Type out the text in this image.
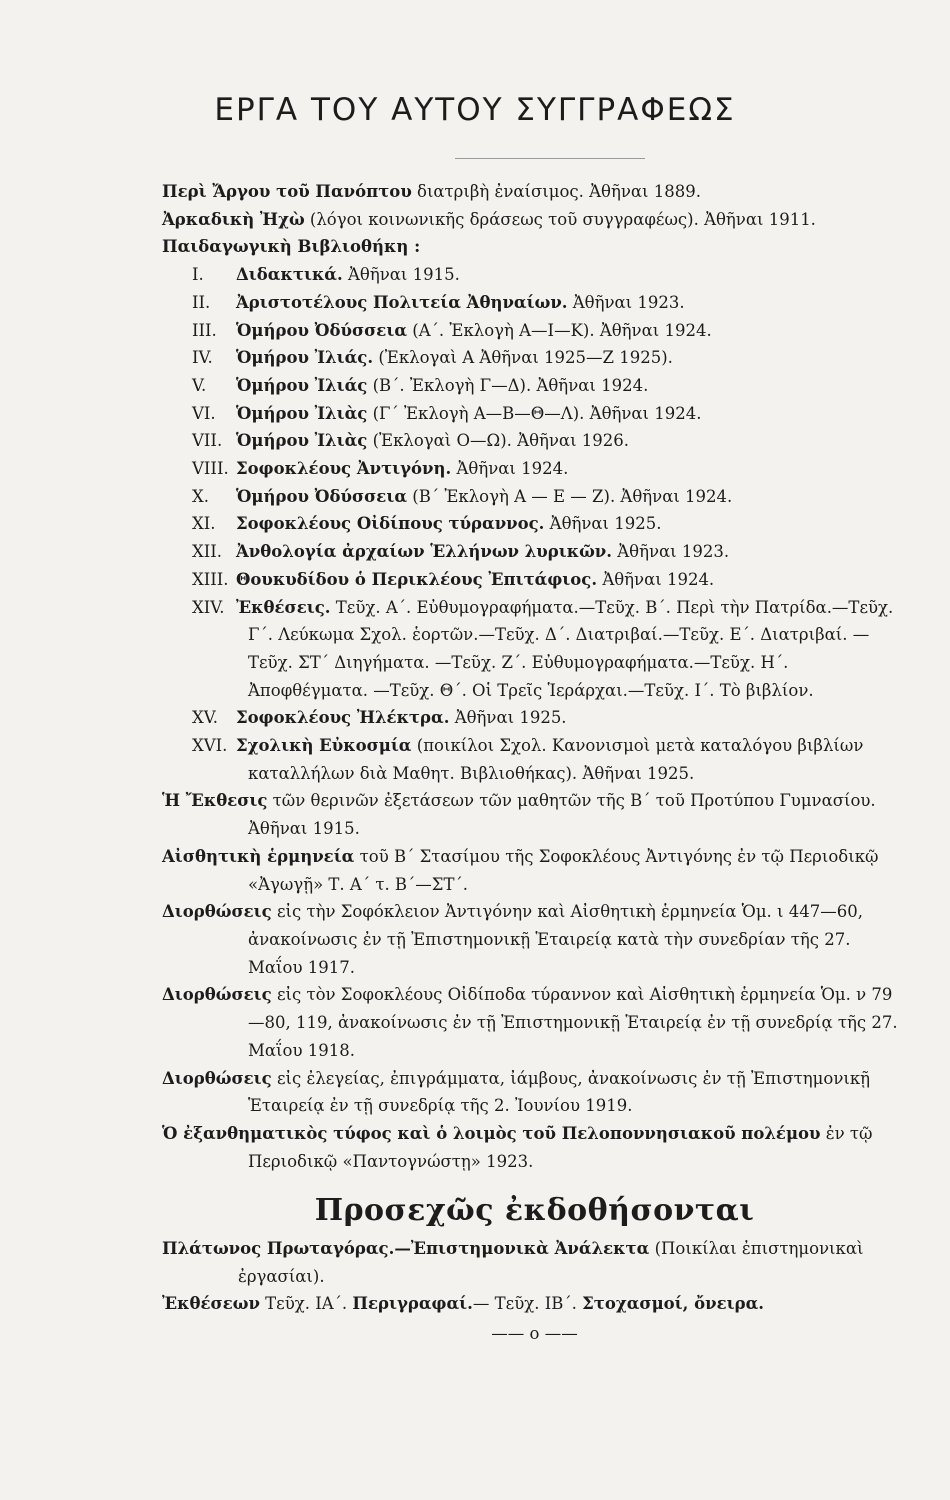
ΕΡΓΑ ΤΟΥ ΑΥΤΟΥ ΣΥΓΓΡΑΦΕΩΣ

Περὶ Ἄργου τοῦ Πανόπτου διατριβὴ ἐναίσιμος. Ἀθῆναι 1889.

Ἀρκαδικὴ Ἠχὼ (λόγοι κοινωνικῆς δράσεως τοῦ συγγραφέως). Ἀθῆναι 1911.

Παιδαγωγικὴ Βιβλιοθήκη :

I. Διδακτικά. Ἀθῆναι 1915.

II. Ἀριστοτέλους Πολιτεία Ἀθηναίων. Ἀθῆναι 1923.

III. Ὁμήρου Ὀδύσσεια (Α΄. Ἐκλογὴ Α—Ι—Κ). Ἀθῆναι 1924.

IV. Ὁμήρου Ἰλιάς. (Ἐκλογαὶ Α Ἀθῆναι 1925—Ζ 1925).

V. Ὁμήρου Ἰλιάς (Β΄. Ἐκλογὴ Γ—Δ). Ἀθῆναι 1924.

VI. Ὁμήρου Ἰλιὰς (Γ΄ Ἐκλογὴ Α—Β—Θ—Λ). Ἀθῆναι 1924.

VII. Ὁμήρου Ἰλιὰς (Ἐκλογαὶ Ο—Ω). Ἀθῆναι 1926.

VIII. Σοφοκλέους Ἀντιγόνη. Ἀθῆναι 1924.

X. Ὁμήρου Ὀδύσσεια (Β΄ Ἐκλογὴ Α — Ε — Ζ). Ἀθῆναι 1924.

XI. Σοφοκλέους Οἰδίπους τύραννος. Ἀθῆναι 1925.

XII. Ἀνθολογία ἀρχαίων Ἑλλήνων λυρικῶν. Ἀθῆναι 1923.

XIII. Θουκυδίδου ὁ Περικλέους Ἐπιτάφιος. Ἀθῆναι 1924.

XIV. Ἐκθέσεις. Τεῦχ. Α΄. Εὐθυμογραφήματα.—Τεῦχ. Β΄. Περὶ τὴν Πατρίδα.—Τεῦχ. Γ΄. Λεύκωμα Σχολ. ἑορτῶν.—Τεῦχ. Δ΄. Διατριβαί.—Τεῦχ. Ε΄. Διατριβαί. — Τεῦχ. ΣΤ΄ Διηγήματα. —Τεῦχ. Ζ΄. Εὐθυμογραφήματα.—Τεῦχ. Η΄. Ἀποφθέγματα. —Τεῦχ. Θ΄. Οἱ Τρεῖς Ἱεράρχαι.—Τεῦχ. Ι΄. Τὸ βιβλίον.

XV. Σοφοκλέους Ἠλέκτρα. Ἀθῆναι 1925.

XVI. Σχολικὴ Εὐκοσμία (ποικίλοι Σχολ. Κανονισμοὶ μετὰ καταλόγου βιβλίων καταλλήλων διὰ Μαθητ. Βιβλιοθήκας). Ἀθῆναι 1925.

Ἡ Ἔκθεσις τῶν θερινῶν ἐξετάσεων τῶν μαθητῶν τῆς Β΄ τοῦ Προτύπου Γυμνασίου. Ἀθῆναι 1915.

Αἰσθητικὴ ἑρμηνεία τοῦ Β΄ Στασίμου τῆς Σοφοκλέους Ἀντιγόνης ἐν τῷ Περιοδικῷ «Ἀγωγῇ» Τ. Α΄ τ. Β΄—ΣΤ΄.

Διορθώσεις εἰς τὴν Σοφόκλειον Ἀντιγόνην καὶ Αἰσθητικὴ ἑρμηνεία Ὁμ. ι 447—60, ἀνακοίνωσις ἐν τῇ Ἐπιστημονικῇ Ἑταιρείᾳ κατὰ τὴν συνεδρίαν τῆς 27. Μαΐου 1917.

Διορθώσεις εἰς τὸν Σοφοκλέους Οἰδίποδα τύραννον καὶ Αἰσθητικὴ ἑρμηνεία Ὁμ. ν 79—80, 119, ἀνακοίνωσις ἐν τῇ Ἐπιστημονικῇ Ἑταιρείᾳ ἐν τῇ συνεδρίᾳ τῆς 27. Μαΐου 1918.

Διορθώσεις εἰς ἐλεγείας, ἐπιγράμματα, ἰάμβους, ἀνακοίνωσις ἐν τῇ Ἐπιστημονικῇ Ἑταιρείᾳ ἐν τῇ συνεδρίᾳ τῆς 2. Ἰουνίου 1919.

Ὁ ἐξανθηματικὸς τύφος καὶ ὁ λοιμὸς τοῦ Πελοποννησιακοῦ πολέμου ἐν τῷ Περιοδικῷ «Παντογνώστῃ» 1923.

Προσεχῶς ἐκδοθήσονται

Πλάτωνος Πρωταγόρας.—Ἐπιστημονικὰ Ἀνάλεκτα (Ποικίλαι ἐπιστημονικαὶ ἐργασίαι).

Ἐκθέσεων Τεῦχ. ΙΑ΄. Περιγραφαί.— Τεῦχ. ΙΒ΄. Στοχασμοί, ὄνειρα.

—— ο ——
